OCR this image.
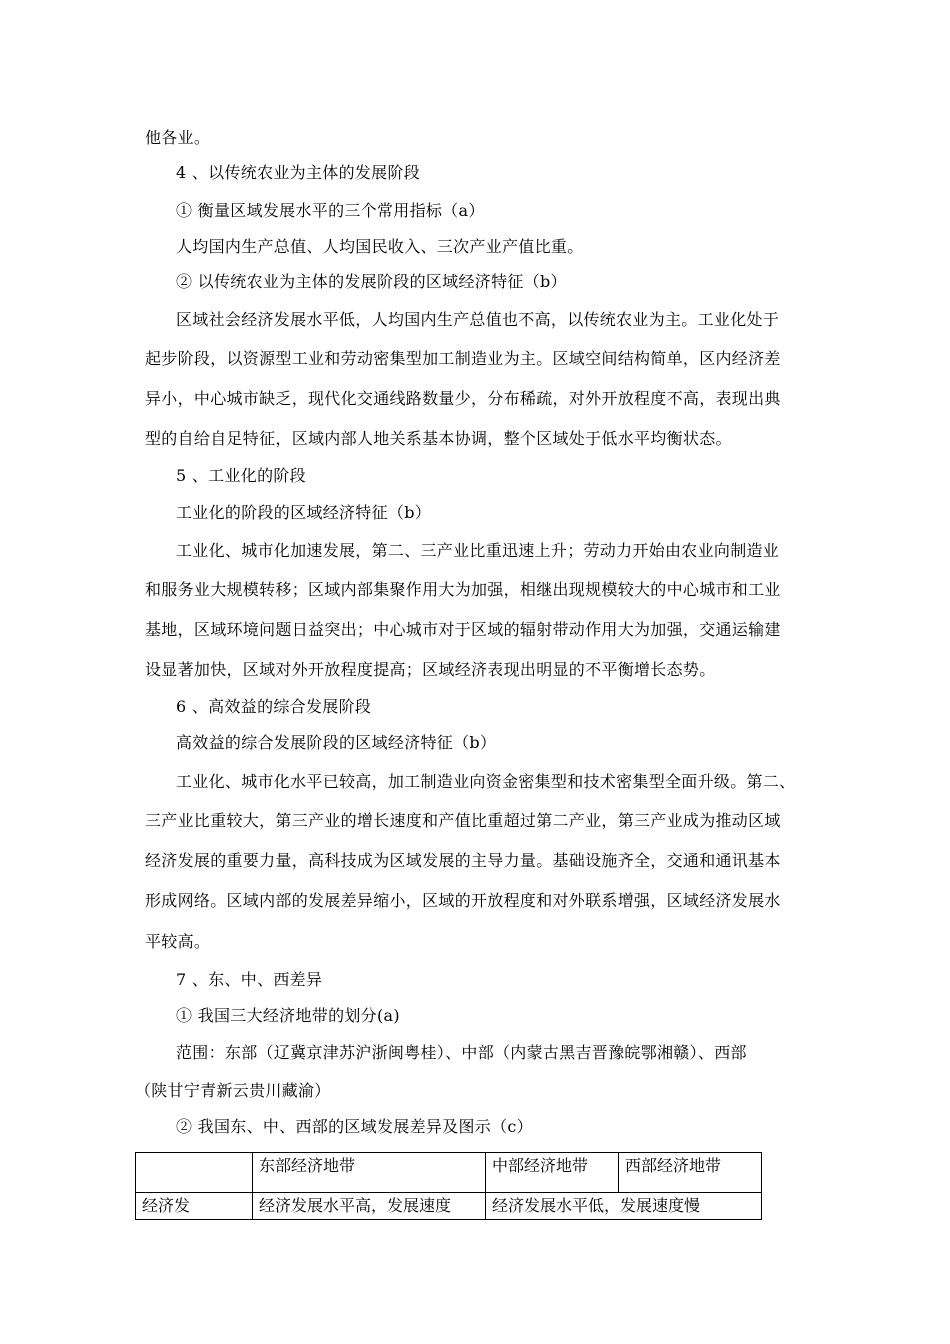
他各业。
4 、以传统农业为主体的发展阶段
① 衡量区域发展水平的三个常用指标（a）
人均国内生产总值、人均国民收入、三次产业产值比重。
② 以传统农业为主体的发展阶段的区域经济特征（b）
区域社会经济发展水平低，人均国内生产总值也不高，以传统农业为主。工业化处于
起步阶段，以资源型工业和劳动密集型加工制造业为主。区域空间结构简单，区内经济差
异小，中心城市缺乏，现代化交通线路数量少，分布稀疏，对外开放程度不高，表现出典
型的自给自足特征，区域内部人地关系基本协调，整个区域处于低水平均衡状态。
5 、工业化的阶段
工业化的阶段的区域经济特征（b）
工业化、城市化加速发展，第二、三产业比重迅速上升；劳动力开始由农业向制造业
和服务业大规模转移；区域内部集聚作用大为加强，相继出现规模较大的中心城市和工业
基地，区域环境问题日益突出；中心城市对于区域的辐射带动作用大为加强，交通运输建
设显著加快，区域对外开放程度提高；区域经济表现出明显的不平衡增长态势。
6 、高效益的综合发展阶段
高效益的综合发展阶段的区域经济特征（b）
工业化、城市化水平已较高，加工制造业向资金密集型和技术密集型全面升级。第二、
三产业比重较大，第三产业的增长速度和产值比重超过第二产业，第三产业成为推动区域
经济发展的重要力量，高科技成为区域发展的主导力量。基础设施齐全，交通和通讯基本
形成网络。区域内部的发展差异缩小，区域的开放程度和对外联系增强，区域经济发展水
平较高。
7 、东、中、西差异
① 我国三大经济地带的划分(a)
范围：东部（辽冀京津苏沪浙闽粤桂）、中部（内蒙古黑吉晋豫皖鄂湘赣）、西部
（陕甘宁青新云贵川藏渝）
② 我国东、中、西部的区域发展差异及图示（c）
	东部经济地带	中部经济地带	西部经济地带
经济发	经济发展水平高，发展速度	经济发展水平低，发展速度慢	
